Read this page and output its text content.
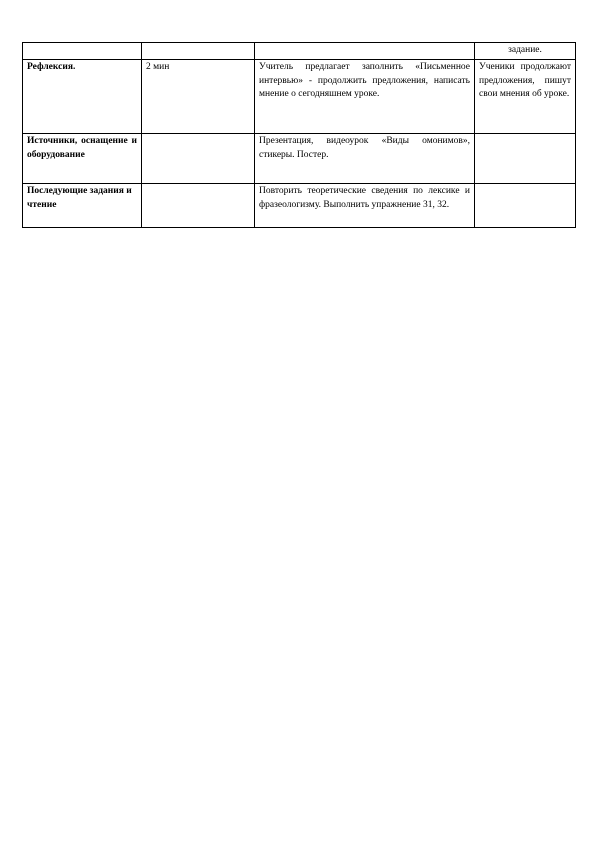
			задание.
Рефлексия.	2 мин	Учитель предлагает заполнить «Письменное интервью» - продолжить предложения, написать мнение о сегодняшнем уроке.	Ученики продолжают предложения, пишут свои мнения об уроке.
Источники, оснащение и оборудование		Презентация, видеоурок «Виды омонимов», стикеры. Постер.	
Последующие задания и чтение		Повторить теоретические сведения по лексике и фразеологизму. Выполнить упражнение 31, 32.	
